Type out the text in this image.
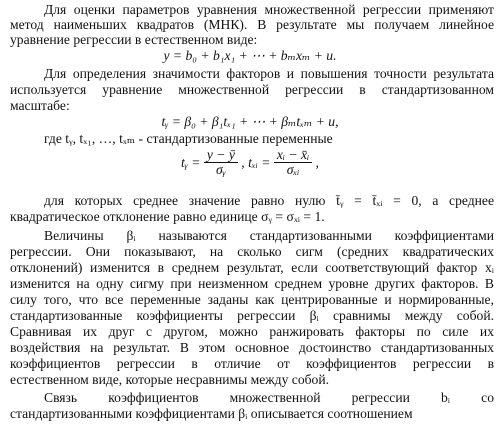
Для оценки параметров уравнения множественной регрессии применяют
метод наименьших квадратов (МНК). В результате мы получаем линейное
уравнение регрессии в естественном виде:
y = b₀ + b₁x₁ + ⋯ + bₘxₘ + u.
Для определения значимости факторов и повышения точности результата
используется уравнение множественной регрессии в стандартизованном
масштабе:
tᵧ = β₀ + β₁tₓ₁ + ⋯ + βₘtₓₘ + u,
где tᵧ, tₓ₁, …, tₓₘ - стандартизованные переменные
tᵧ = $\frac{y - ȳ}{\text{σᵧ}}$ , tₓᵢ = $\frac{\text{xᵢ − x̄ᵢ}}{\text{σₓᵢ}}$ ,
для которых среднее значение равно нулю t̄ᵧ = t̄ₓᵢ = 0, а среднее
квадратическое отклонение равно единице σᵧ = σₓᵢ = 1.
Величины βᵢ называются стандартизованными коэффициентами
регрессии. Они показывают, на сколько сигм (средних квадратических
отклонений) изменится в среднем результат, если соответствующий фактор xᵢ
изменится на одну сигму при неизменном среднем уровне других факторов. В
силу того, что все переменные заданы как центрированные и нормированные,
стандартизованные коэффициенты регрессии βᵢ сравнимы между собой.
Сравнивая их друг с другом, можно ранжировать факторы по силе их
воздействия на результат. В этом основное достоинство стандартизованных
коэффициентов регрессии в отличие от коэффициентов регрессии в
естественном виде, которые несравнимы между собой.
Связь коэффициентов множественной регрессии bᵢ со
стандартизованными коэффициентами βᵢ описывается соотношением
